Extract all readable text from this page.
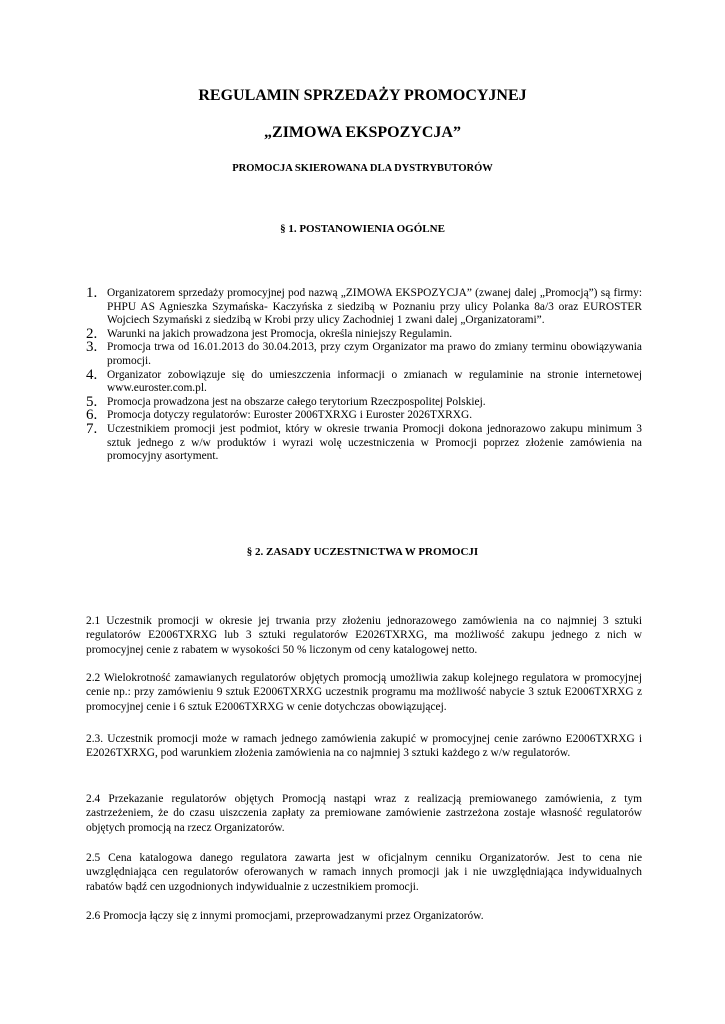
REGULAMIN SPRZEDAŻY PROMOCYJNEJ
„ZIMOWA EKSPOZYCJA”
PROMOCJA SKIEROWANA DLA DYSTRYBUTORÓW
§ 1. POSTANOWIENIA OGÓLNE
1. Organizatorem sprzedaży promocyjnej pod nazwą „ZIMOWA EKSPOZYCJA” (zwanej dalej „Promocją”) są firmy: PHPU AS Agnieszka Szymańska- Kaczyńska z siedzibą w Poznaniu przy ulicy Polanka 8a/3 oraz EUROSTER Wojciech Szymański z siedzibą w Krobi przy ulicy Zachodniej 1 zwani dalej „Organizatorami”.
2. Warunki na jakich prowadzona jest Promocja, określa niniejszy Regulamin.
3. Promocja trwa od 16.01.2013 do 30.04.2013, przy czym Organizator ma prawo do zmiany terminu obowiązywania promocji.
4. Organizator zobowiązuje się do umieszczenia informacji o zmianach w regulaminie na stronie internetowej www.euroster.com.pl.
5. Promocja prowadzona jest na obszarze całego terytorium Rzeczpospolitej Polskiej.
6. Promocja dotyczy regulatorów: Euroster 2006TXRXG i Euroster 2026TXRXG.
7. Uczestnikiem promocji jest podmiot, który w okresie trwania Promocji dokona jednorazowo zakupu minimum 3 sztuk jednego z w/w produktów i wyrazi wolę uczestniczenia w Promocji poprzez złożenie zamówienia na promocyjny asortyment.
§ 2. ZASADY UCZESTNICTWA W PROMOCJI

2.1 Uczestnik promocji w okresie jej trwania przy złożeniu jednorazowego zamówienia na co najmniej 3 sztuki regulatorów E2006TXRXG lub 3 sztuki regulatorów E2026TXRXG, ma możliwość zakupu jednego z nich w promocyjnej cenie z rabatem w wysokości 50 % liczonym od ceny katalogowej netto.

2.2 Wielokrotność zamawianych regulatorów objętych promocją umożliwia zakup kolejnego regulatora w promocyjnej cenie np.: przy zamówieniu 9 sztuk E2006TXRXG uczestnik programu ma możliwość nabycie 3 sztuk E2006TXRXG z promocyjnej cenie i 6 sztuk E2006TXRXG w cenie dotychczas obowiązującej.

2.3. Uczestnik promocji może w ramach jednego zamówienia zakupić w promocyjnej cenie zarówno E2006TXRXG i E2026TXRXG, pod warunkiem złożenia zamówienia na co najmniej 3 sztuki każdego z w/w regulatorów.

2.4 Przekazanie regulatorów objętych Promocją nastąpi wraz z realizacją premiowanego zamówienia, z tym zastrzeżeniem, że do czasu uiszczenia zapłaty za premiowane zamówienie zastrzeżona zostaje własność regulatorów objętych promocją na rzecz Organizatorów.

2.5 Cena katalogowa danego regulatora zawarta jest w oficjalnym cenniku Organizatorów. Jest to cena nie uwzględniająca cen regulatorów oferowanych w ramach innych promocji jak i nie uwzględniająca indywidualnych rabatów bądź cen uzgodnionych indywidualnie z uczestnikiem promocji.

2.6 Promocja łączy się z innymi promocjami, przeprowadzanymi przez Organizatorów.
